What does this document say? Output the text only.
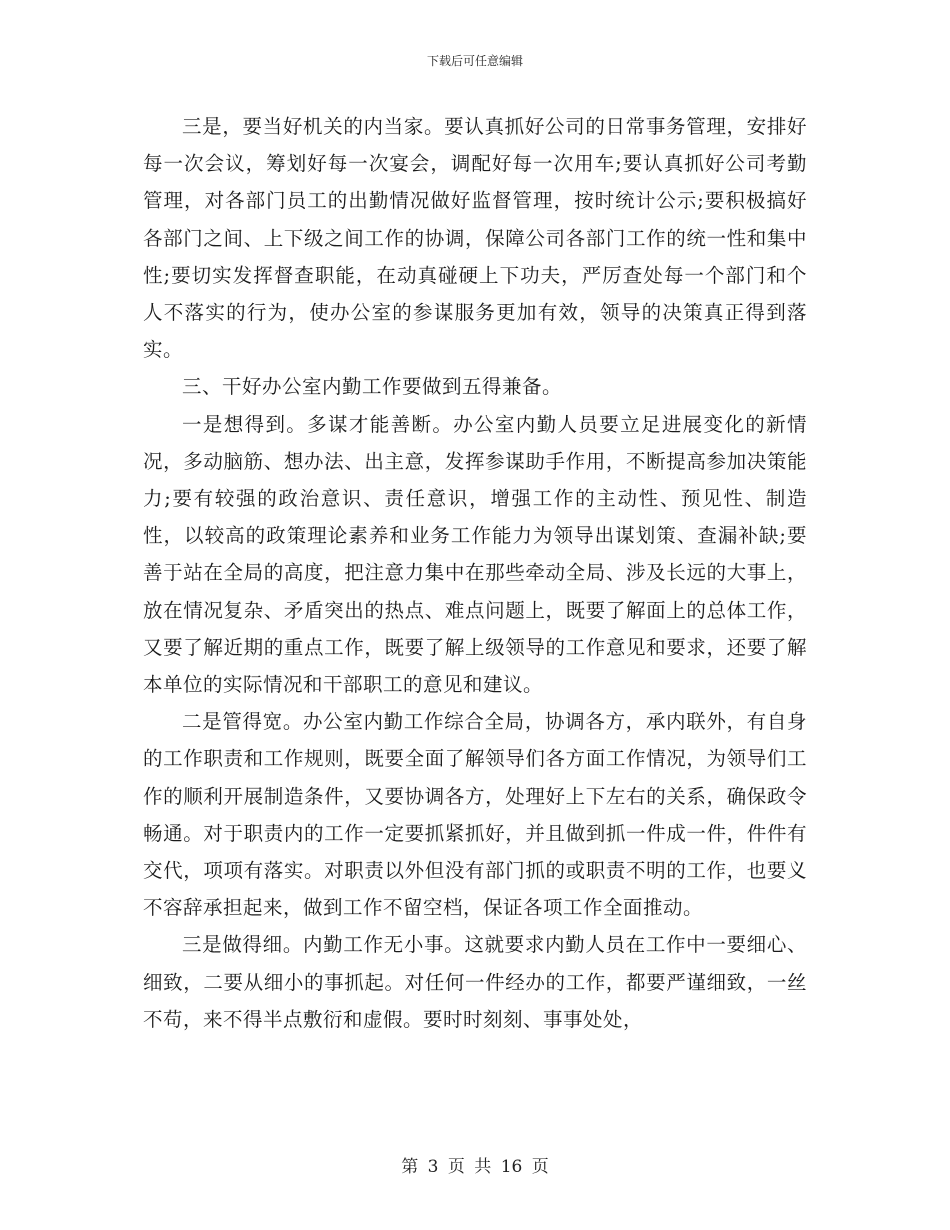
下载后可任意编辑

三是，要当好机关的内当家。要认真抓好公司的日常事务管理，安排好每一次会议，筹划好每一次宴会，调配好每一次用车;要认真抓好公司考勤管理，对各部门员工的出勤情况做好监督管理，按时统计公示;要积极搞好各部门之间、上下级之间工作的协调，保障公司各部门工作的统一性和集中性;要切实发挥督查职能，在动真碰硬上下功夫，严厉查处每一个部门和个人不落实的行为，使办公室的参谋服务更加有效，领导的决策真正得到落实。

三、干好办公室内勤工作要做到五得兼备。

一是想得到。多谋才能善断。办公室内勤人员要立足进展变化的新情况，多动脑筋、想办法、出主意，发挥参谋助手作用，不断提高参加决策能力;要有较强的政治意识、责任意识，增强工作的主动性、预见性、制造性，以较高的政策理论素养和业务工作能力为领导出谋划策、查漏补缺;要善于站在全局的高度，把注意力集中在那些牵动全局、涉及长远的大事上，放在情况复杂、矛盾突出的热点、难点问题上，既要了解面上的总体工作，又要了解近期的重点工作，既要了解上级领导的工作意见和要求，还要了解本单位的实际情况和干部职工的意见和建议。

二是管得宽。办公室内勤工作综合全局，协调各方，承内联外，有自身的工作职责和工作规则，既要全面了解领导们各方面工作情况，为领导们工作的顺利开展制造条件，又要协调各方，处理好上下左右的关系，确保政令畅通。对于职责内的工作一定要抓紧抓好，并且做到抓一件成一件，件件有交代，项项有落实。对职责以外但没有部门抓的或职责不明的工作，也要义不容辞承担起来，做到工作不留空档，保证各项工作全面推动。

三是做得细。内勤工作无小事。这就要求内勤人员在工作中一要细心、细致，二要从细小的事抓起。对任何一件经办的工作，都要严谨细致，一丝不苟，来不得半点敷衍和虚假。要时时刻刻、事事处处，

第 3 页 共 16 页
